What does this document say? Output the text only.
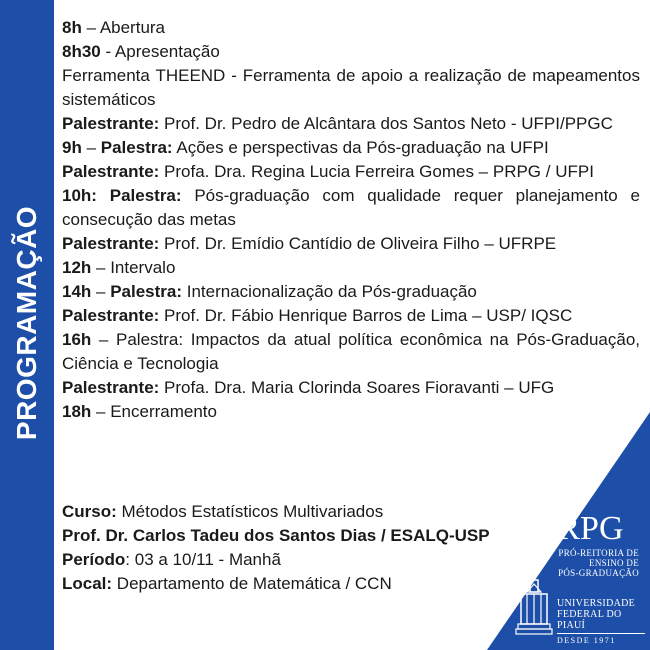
PROGRAMAÇÃO

8h – Abertura

8h30 - Apresentação

Ferramenta THEEND - Ferramenta de apoio a realização de mapeamentos sistemáticos

Palestrante: Prof. Dr. Pedro de Alcântara dos Santos Neto - UFPI/PPGC

9h – Palestra: Ações e perspectivas da Pós-graduação na UFPI

Palestrante: Profa. Dra. Regina Lucia Ferreira Gomes – PRPG / UFPI

10h: Palestra: Pós-graduação com qualidade requer planejamento e consecução das metas

Palestrante: Prof. Dr. Emídio Cantídio de Oliveira Filho – UFRPE

12h – Intervalo

14h – Palestra: Internacionalização da Pós-graduação

Palestrante: Prof. Dr. Fábio Henrique Barros de Lima – USP/ IQSC

16h – Palestra: Impactos da atual política econômica na Pós-Graduação, Ciência e Tecnologia

Palestrante: Profa. Dra. Maria Clorinda Soares Fioravanti – UFG

18h – Encerramento

Curso: Métodos Estatísticos Multivariados

Prof. Dr. Carlos Tadeu dos Santos Dias / ESALQ-USP

Período: 03 a 10/11 - Manhã

Local: Departamento de Matemática / CCN

PRPG
PRÓ-REITORIA DE
ENSINO DE
PÓS-GRADUAÇÃO
UNIVERSIDADE
FEDERAL DO PIAUÍ
DESDE 1971
